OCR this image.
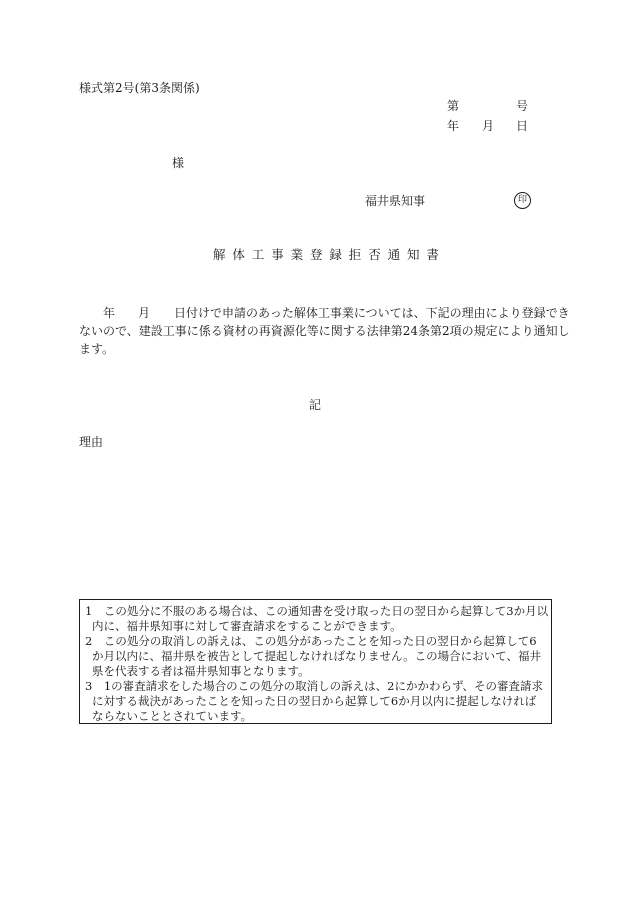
様式第2号(第3条関係)
第	号
年 月 日
様
福井県知事	印
解体工事業登録拒否通知書
年 月 日付けで申請のあった解体工事業については、下記の理由により登録でき
ないので、建設工事に係る資材の再資源化等に関する法律第24条第2項の規定により通知し
ます。
記
理由
1　この処分に不服のある場合は、この通知書を受け取った日の翌日から起算して3か月以
内に、福井県知事に対して審査請求をすることができます。
2　この処分の取消しの訴えは、この処分があったことを知った日の翌日から起算して6
か月以内に、福井県を被告として提起しなければなりません。この場合において、福井
県を代表する者は福井県知事となります。
3　1の審査請求をした場合のこの処分の取消しの訴えは、2にかかわらず、その審査請求
に対する裁決があったことを知った日の翌日から起算して6か月以内に提起しなければ
ならないこととされています。
